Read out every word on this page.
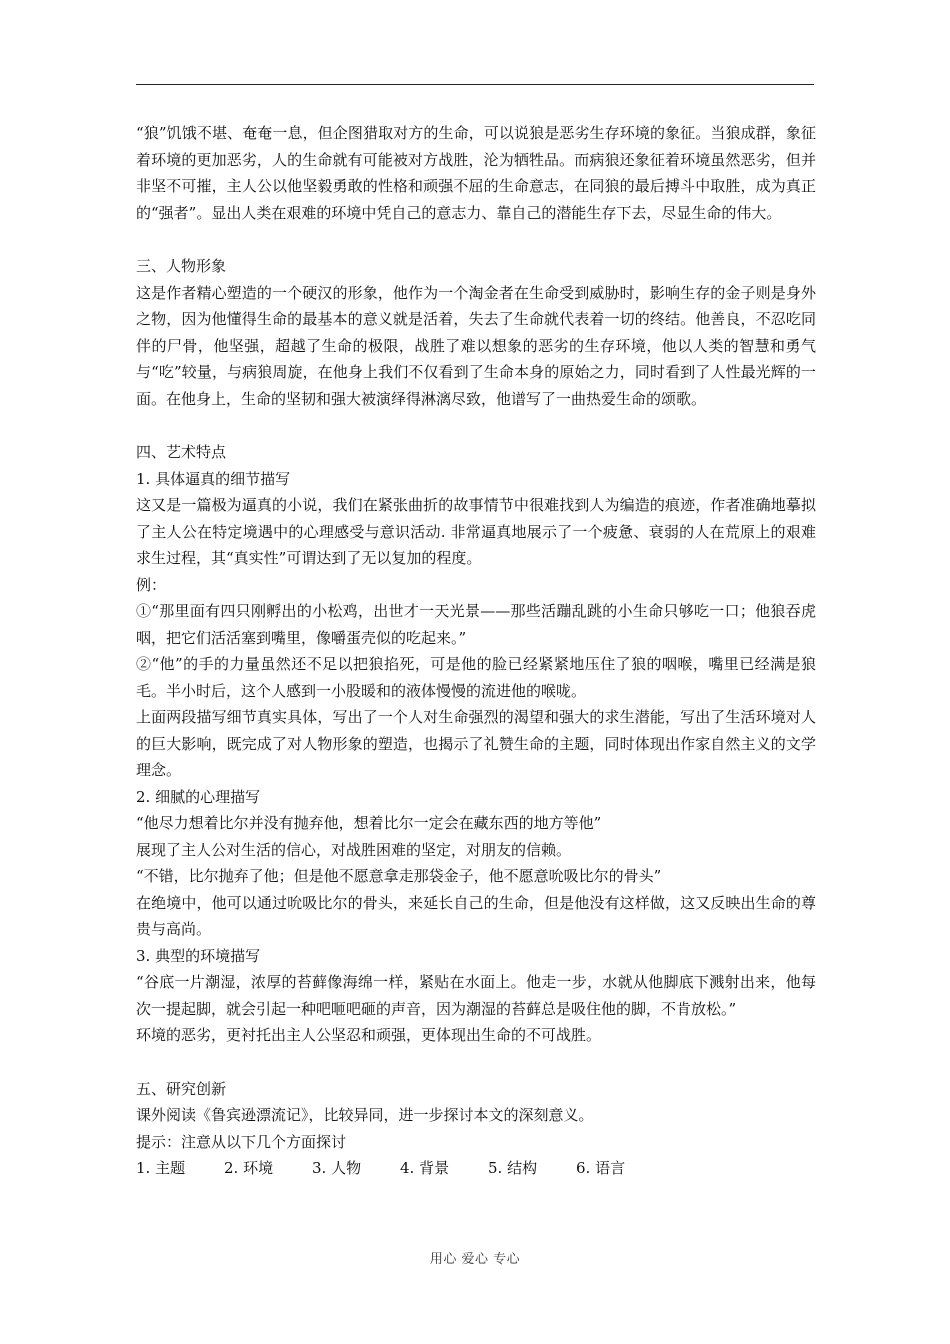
“狼”饥饿不堪、奄奄一息，但企图猎取对方的生命，可以说狼是恶劣生存环境的象征。当狼成群，象征着环境的更加恶劣，人的生命就有可能被对方战胜，沦为牺牲品。而病狼还象征着环境虽然恶劣，但并非坚不可摧，主人公以他坚毅勇敢的性格和顽强不屈的生命意志，在同狼的最后搏斗中取胜，成为真正的“强者”。显出人类在艰难的环境中凭自己的意志力、靠自己的潜能生存下去，尽显生命的伟大。

三、人物形象

这是作者精心塑造的一个硬汉的形象，他作为一个淘金者在生命受到威胁时，影响生存的金子则是身外之物，因为他懂得生命的最基本的意义就是活着，失去了生命就代表着一切的终结。他善良，不忍吃同伴的尸骨，他坚强，超越了生命的极限，战胜了难以想象的恶劣的生存环境，他以人类的智慧和勇气与“吃”较量，与病狼周旋，在他身上我们不仅看到了生命本身的原始之力，同时看到了人性最光辉的一面。在他身上，生命的坚韧和强大被演绎得淋漓尽致，他谱写了一曲热爱生命的颂歌。

四、艺术特点

1. 具体逼真的细节描写

这又是一篇极为逼真的小说，我们在紧张曲折的故事情节中很难找到人为编造的痕迹，作者准确地摹拟了主人公在特定境遇中的心理感受与意识活动. 非常逼真地展示了一个疲惫、衰弱的人在荒原上的艰难求生过程，其“真实性”可谓达到了无以复加的程度。

例：

①“那里面有四只刚孵出的小松鸡，出世才一天光景——那些活蹦乱跳的小生命只够吃一口；他狼吞虎咽，把它们活活塞到嘴里，像嚼蛋壳似的吃起来。”

②“他”的手的力量虽然还不足以把狼掐死，可是他的脸已经紧紧地压住了狼的咽喉，嘴里已经满是狼毛。半小时后，这个人感到一小股暖和的液体慢慢的流进他的喉咙。

上面两段描写细节真实具体，写出了一个人对生命强烈的渴望和强大的求生潜能，写出了生活环境对人的巨大影响，既完成了对人物形象的塑造，也揭示了礼赞生命的主题，同时体现出作家自然主义的文学理念。

2. 细腻的心理描写

“他尽力想着比尔并没有抛弃他，想着比尔一定会在藏东西的地方等他”

展现了主人公对生活的信心，对战胜困难的坚定，对朋友的信赖。

“不错，比尔抛弃了他；但是他不愿意拿走那袋金子，他不愿意吮吸比尔的骨头”

在绝境中，他可以通过吮吸比尔的骨头，来延长自己的生命，但是他没有这样做，这又反映出生命的尊贵与高尚。

3. 典型的环境描写

“谷底一片潮湿，浓厚的苔藓像海绵一样，紧贴在水面上。他走一步，水就从他脚底下溅射出来，他每次一提起脚，就会引起一种吧咂吧砸的声音，因为潮湿的苔藓总是吸住他的脚，不肯放松。”

环境的恶劣，更衬托出主人公坚忍和顽强，更体现出生命的不可战胜。

五、研究创新

课外阅读《鲁宾逊漂流记》，比较异同，进一步探讨本文的深刻意义。

提示：注意从以下几个方面探讨

1. 主题	2. 环境	3. 人物	4. 背景	5. 结构	6. 语言
用心 爱心 专心
